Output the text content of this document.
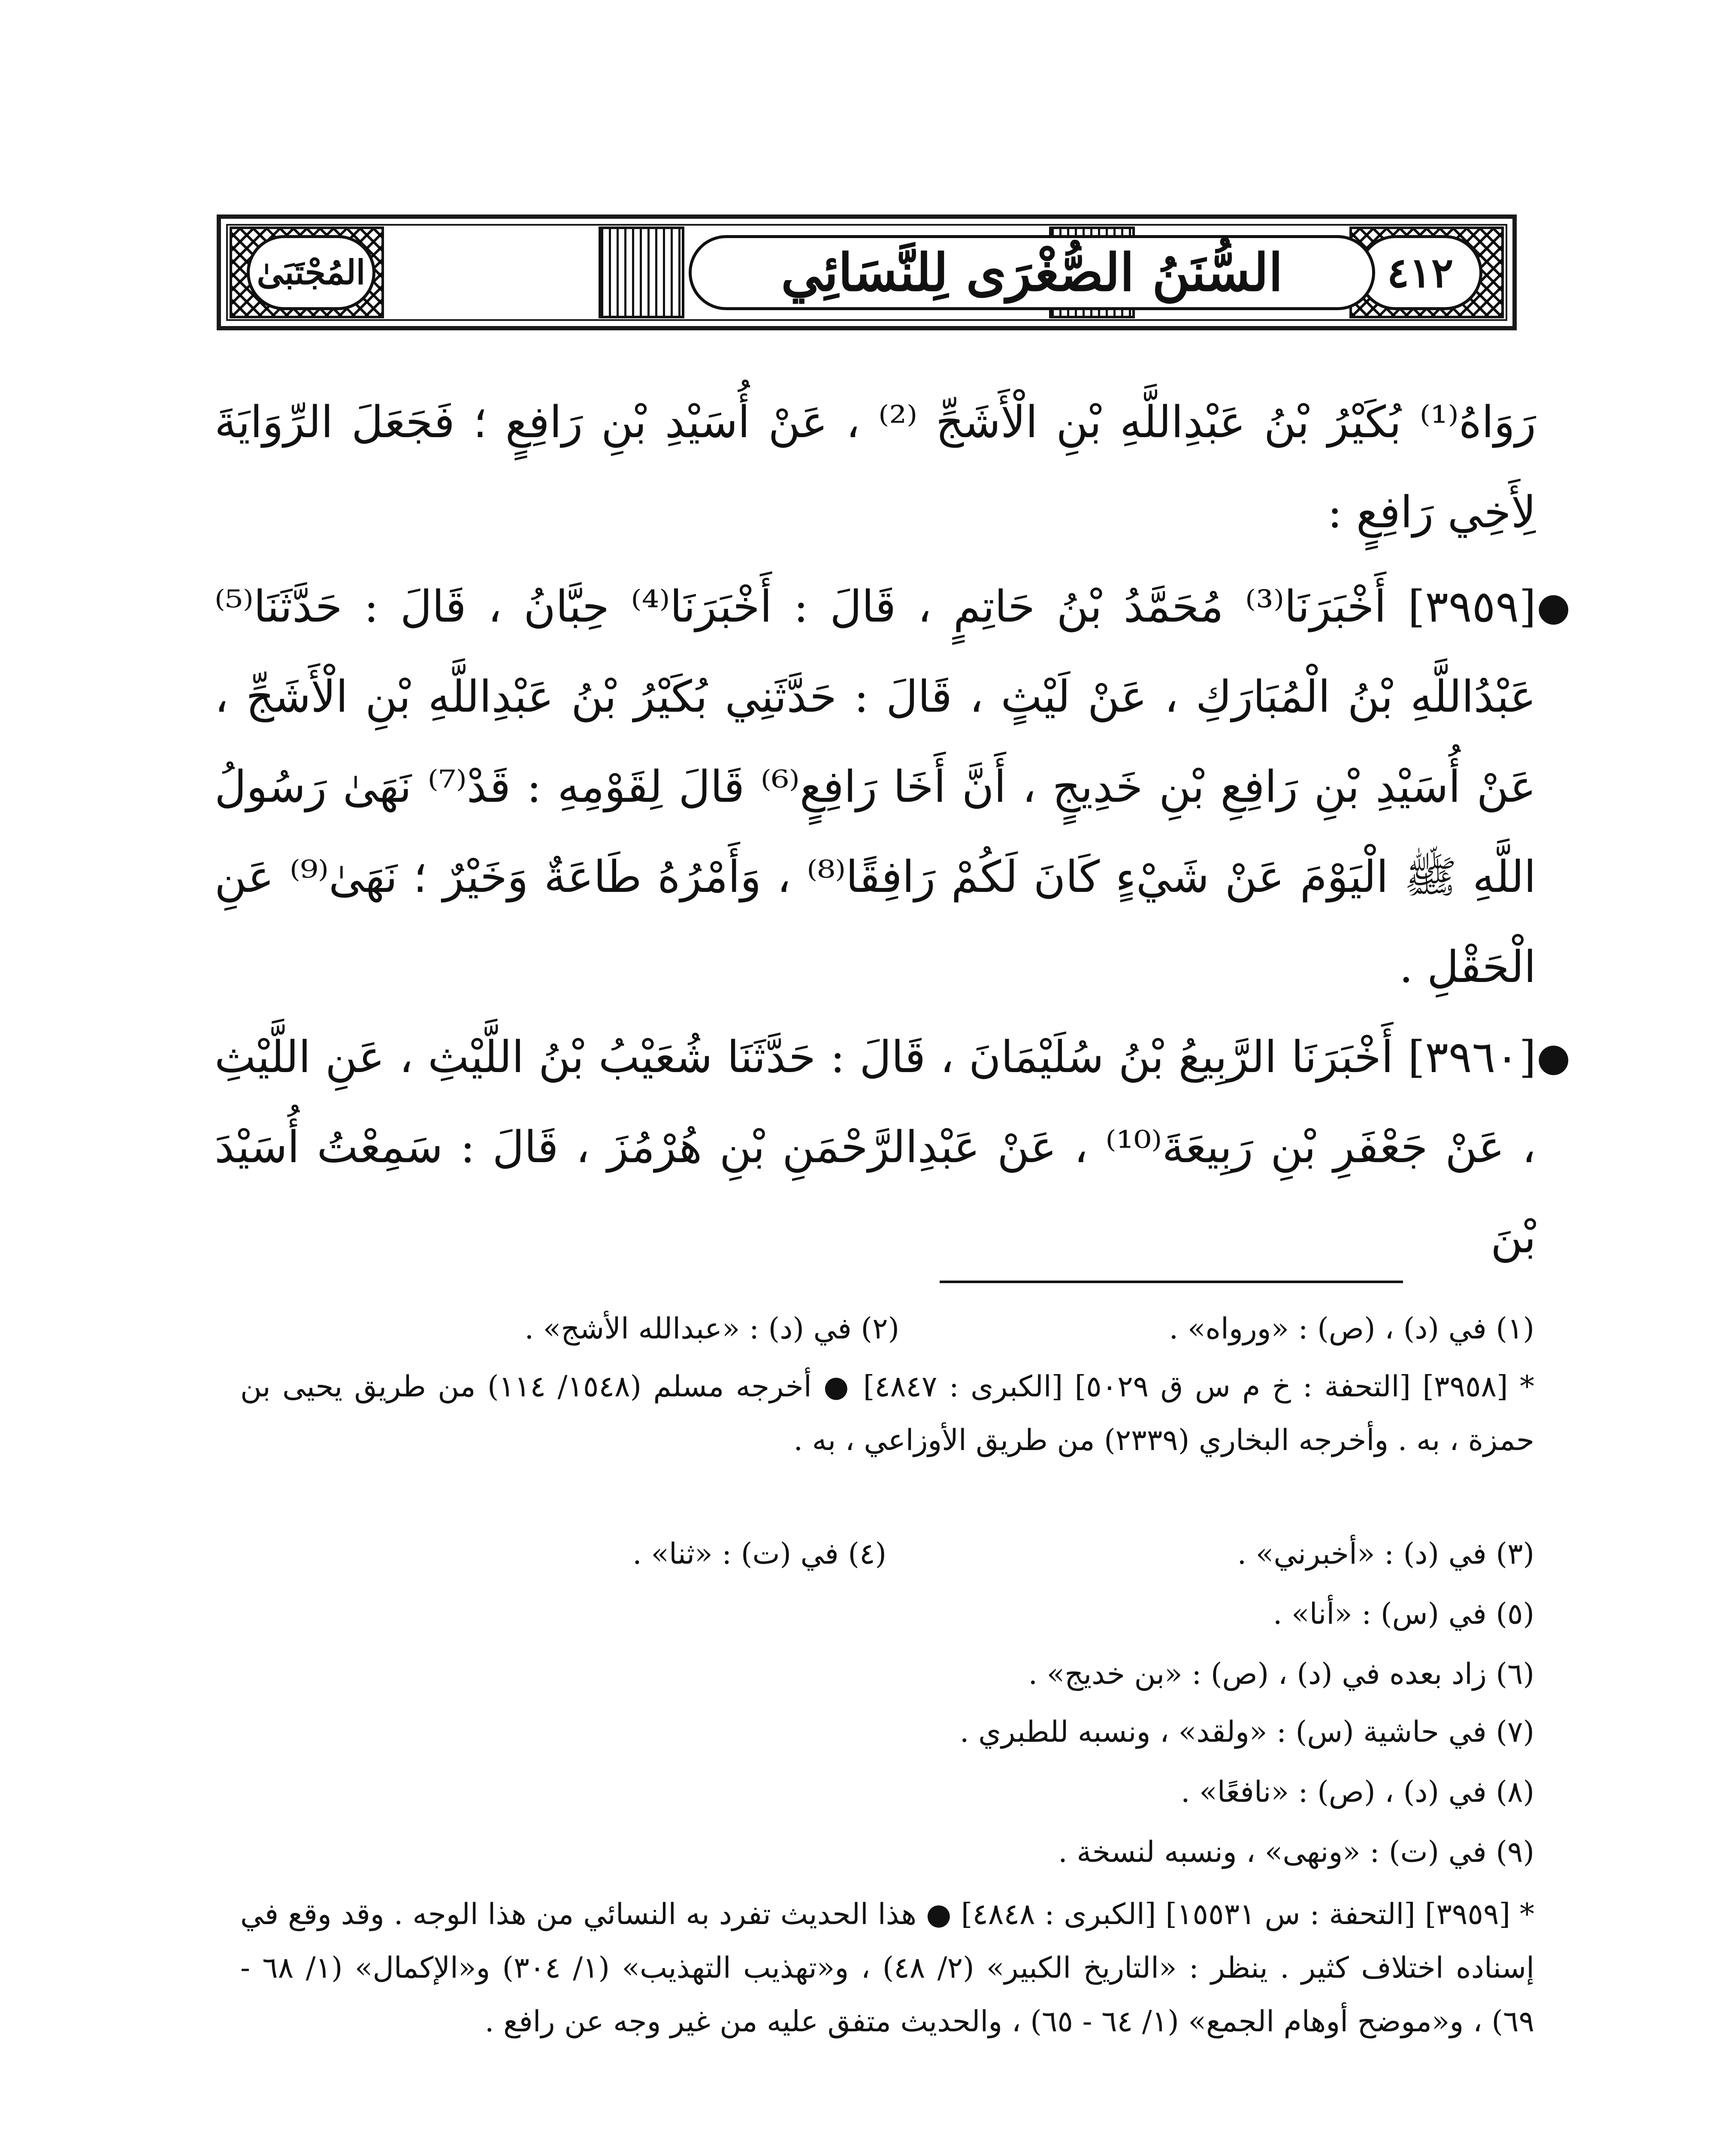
٤١٢
السُّنَنُ الصُّغْرَى لِلنَّسَائِي
المُجْتَبَىٰ
رَوَاهُ⁽¹⁾ بُكَيْرُ بْنُ عَبْدِاللَّهِ بْنِ الْأَشَجِّ ⁽²⁾ ، عَنْ أُسَيْدِ بْنِ رَافِعٍ ؛ فَجَعَلَ الرِّوَايَةَ لِأَخِي رَافِعٍ :
●
[٣٩٥٩] أَخْبَرَنَا⁽³⁾ مُحَمَّدُ بْنُ حَاتِمٍ ، قَالَ : أَخْبَرَنَا⁽⁴⁾ حِبَّانُ ، قَالَ : حَدَّثَنَا⁽⁵⁾ عَبْدُاللَّهِ بْنُ الْمُبَارَكِ ، عَنْ لَيْثٍ ، قَالَ : حَدَّثَنِي بُكَيْرُ بْنُ عَبْدِاللَّهِ بْنِ الْأَشَجِّ ، عَنْ أُسَيْدِ بْنِ رَافِعِ بْنِ خَدِيجٍ ، أَنَّ أَخَا رَافِعٍ⁽⁶⁾ قَالَ لِقَوْمِهِ : قَدْ⁽⁷⁾ نَهَىٰ رَسُولُ اللَّهِ ﷺ الْيَوْمَ عَنْ شَيْءٍ كَانَ لَكُمْ رَافِقًا⁽⁸⁾ ، وَأَمْرُهُ طَاعَةٌ وَخَيْرٌ ؛ نَهَىٰ⁽⁹⁾ عَنِ الْحَقْلِ .
●
[٣٩٦٠] أَخْبَرَنَا الرَّبِيعُ بْنُ سُلَيْمَانَ ، قَالَ : حَدَّثَنَا شُعَيْبُ بْنُ اللَّيْثِ ، عَنِ اللَّيْثِ ، عَنْ جَعْفَرِ بْنِ رَبِيعَةَ⁽¹⁰⁾ ، عَنْ عَبْدِالرَّحْمَنِ بْنِ هُرْمُزَ ، قَالَ : سَمِعْتُ أُسَيْدَ بْنَ
(١) في (د) ، (ص) : «ورواه» .
(٢) في (د) : «عبدالله الأشج» .
* [٣٩٥٨] [التحفة : خ م س ق ٥٠٢٩] [الكبرى : ٤٨٤٧] ● أخرجه مسلم (١٥٤٨/ ١١٤) من طريق يحيى بن حمزة ، به . وأخرجه البخاري (٢٣٣٩) من طريق الأوزاعي ، به .
(٣) في (د) : «أخبرني» .
(٤) في (ت) : «ثنا» .
(٥) في (س) : «أنا» .
(٦) زاد بعده في (د) ، (ص) : «بن خديج» .
(٧) في حاشية (س) : «ولقد» ، ونسبه للطبري .
(٨) في (د) ، (ص) : «نافعًا» .
(٩) في (ت) : «ونهى» ، ونسبه لنسخة .
* [٣٩٥٩] [التحفة : س ١٥٥٣١] [الكبرى : ٤٨٤٨] ● هذا الحديث تفرد به النسائي من هذا الوجه . وقد وقع في إسناده اختلاف كثير . ينظر : «التاريخ الكبير» (٢/ ٤٨) ، و«تهذيب التهذيب» (١/ ٣٠٤) و«الإكمال» (١/ ٦٨ - ٦٩) ، و«موضح أوهام الجمع» (١/ ٦٤ - ٦٥) ، والحديث متفق عليه من غير وجه عن رافع .
